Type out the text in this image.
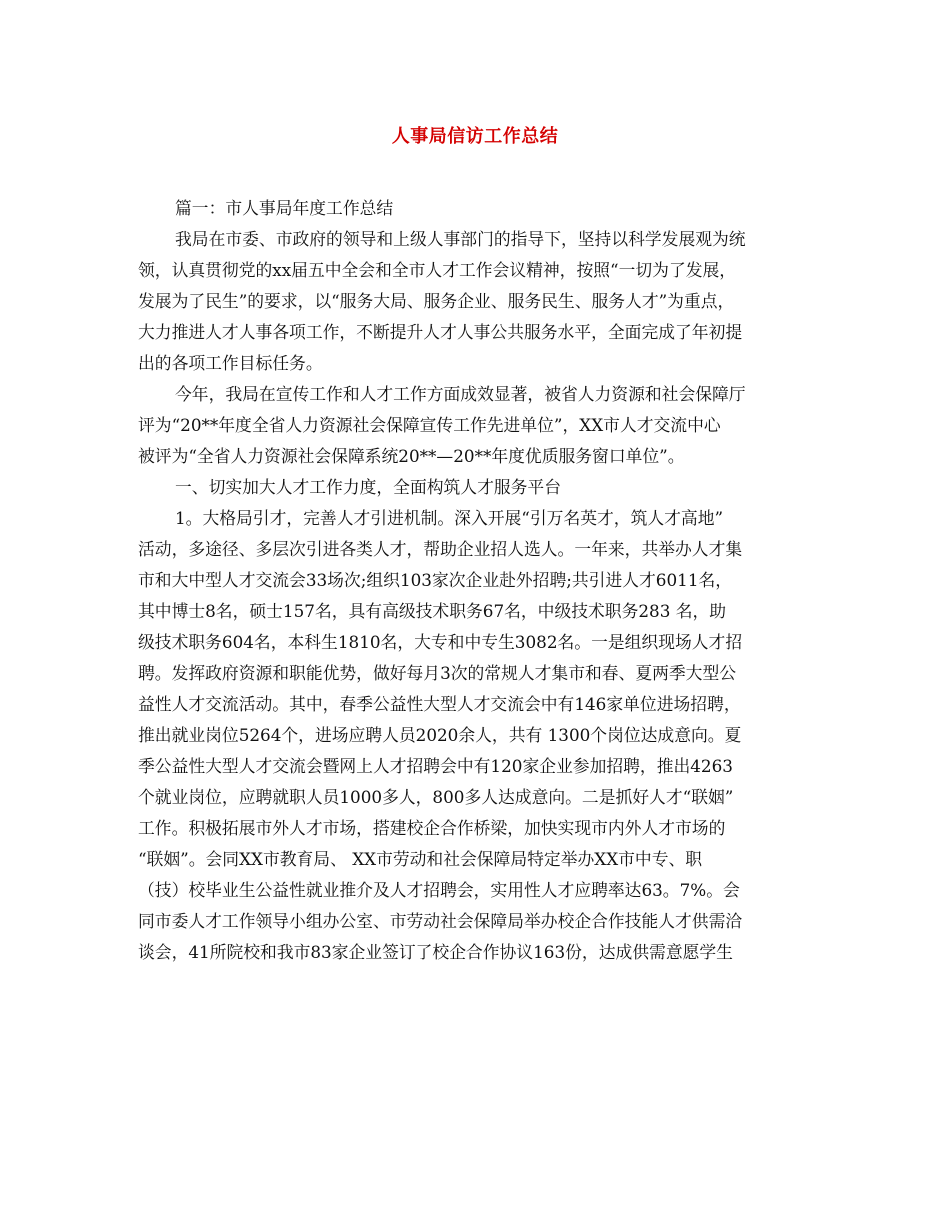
人事局信访工作总结
篇一：市人事局年度工作总结
我局在市委、市政府的领导和上级人事部门的指导下，坚持以科学发展观为统
领，认真贯彻党的xx届五中全会和全市人才工作会议精神，按照“一切为了发展，
发展为了民生”的要求，以“服务大局、服务企业、服务民生、服务人才”为重点，
大力推进人才人事各项工作，不断提升人才人事公共服务水平，全面完成了年初提
出的各项工作目标任务。
今年，我局在宣传工作和人才工作方面成效显著，被省人力资源和社会保障厅
评为“20**年度全省人力资源社会保障宣传工作先进单位”，XX市人才交流中心
被评为“全省人力资源社会保障系统20**—20**年度优质服务窗口单位”。
一、切实加大人才工作力度，全面构筑人才服务平台
1。大格局引才，完善人才引进机制。深入开展“引万名英才，筑人才高地”
活动，多途径、多层次引进各类人才，帮助企业招人选人。一年来，共举办人才集
市和大中型人才交流会33场次;组织103家次企业赴外招聘;共引进人才6011名，
其中博士8名，硕士157名，具有高级技术职务67名，中级技术职务283 名，助
级技术职务604名，本科生1810名，大专和中专生3082名。一是组织现场人才招
聘。发挥政府资源和职能优势，做好每月3次的常规人才集市和春、夏两季大型公
益性人才交流活动。其中，春季公益性大型人才交流会中有146家单位进场招聘，
推出就业岗位5264个，进场应聘人员2020余人，共有 1300个岗位达成意向。夏
季公益性大型人才交流会暨网上人才招聘会中有120家企业参加招聘，推出4263
个就业岗位，应聘就职人员1000多人，800多人达成意向。二是抓好人才“联姻”
工作。积极拓展市外人才市场，搭建校企合作桥梁，加快实现市内外人才市场的
“联姻”。会同XX市教育局、 XX市劳动和社会保障局特定举办XX市中专、职
（技）校毕业生公益性就业推介及人才招聘会，实用性人才应聘率达63。7%。会
同市委人才工作领导小组办公室、市劳动社会保障局举办校企合作技能人才供需洽
谈会，41所院校和我市83家企业签订了校企合作协议163份，达成供需意愿学生
